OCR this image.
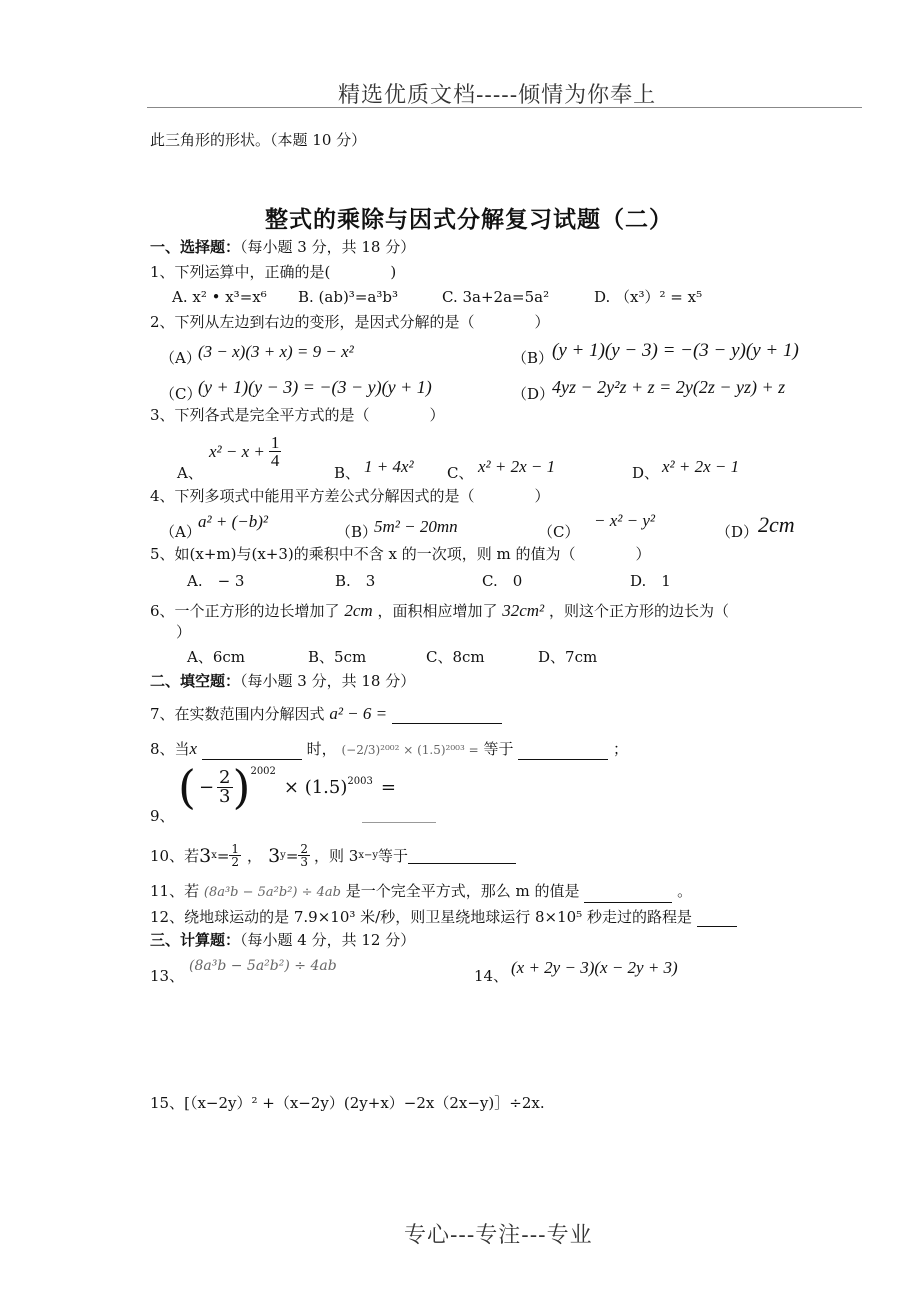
精选优质文档-----倾情为你奉上
专心---专注---专业
此三角形的形状。（本题 10 分）
整式的乘除与因式分解复习试题（二）
一、选择题：（每小题 3 分，共 18 分）
1、下列运算中，正确的是(　　　　)
A. x² • x³=x⁶ B. (ab)³=a³b³	C. 3a+2a=5a²	D. （x³）² = x⁵
2、下列从左边到右边的变形，是因式分解的是（　　　　）
（A）
(3 − x)(3 + x) = 9 − x²	（B）
(y + 1)(y − 3) = −(3 − y)(y + 1)
（C）
(y + 1)(y − 3) = −(3 − y)(y + 1)	（D）
4yz − 2y²z + z = 2y(2z − yz) + z
3、下列各式是完全平方式的是（　　　　）
A、
$x^2 - x + \frac{1}{4}$
B、 1 + 4x² C、 x² + 2x − 1	D、 x² + 2x − 1
4、下列多项式中能用平方差公式分解因式的是（　　　　）
（A）
a² + (−b)²
（B）
5m² − 20mn	（C）
− x² − y²
（D） 2cm
5、如(x+m)与(x+3)的乘积中不含 x 的一次项，则 m 的值为（　　　　）
A.　− 3	B.　3	C.　0	D.　1
6、一个正方形的边长增加了 2cm ，面积相应增加了 32cm² ，则这个正方形的边长为（
）
A、6cm	B、5cm	C、8cm	D、7cm
二、填空题：（每小题 3 分，共 18 分）
7、在实数范围内分解因式 a² − 6 =
8、当x	时， (−2/3)²⁰⁰² × (1.5)²⁰⁰³ = 等于	；
9、
( − $\frac{2}{3} )^{2002}$
× $(1.5)^{2003}$ =
10、若 3 $x = \frac{1}{2}$ ， 3 $y = \frac{2}{3}$ ，则 3 x−y 等于
11、若 (8a³b − 5a²b²) ÷ 4ab 是一个完全平方式，那么 m 的值是	。
12、绕地球运动的是 7.9×10³ 米/秒，则卫星绕地球运行 8×10⁵ 秒走过的路程是
三、计算题：（每小题 4 分，共 12 分）
13、
(8a³b − 5a²b²) ÷ 4ab
14、 (x + 2y − 3)(x − 2y + 3)
15、[（x−2y）² +（x−2y）(2y+x）−2x（2x−y)］÷2x.
